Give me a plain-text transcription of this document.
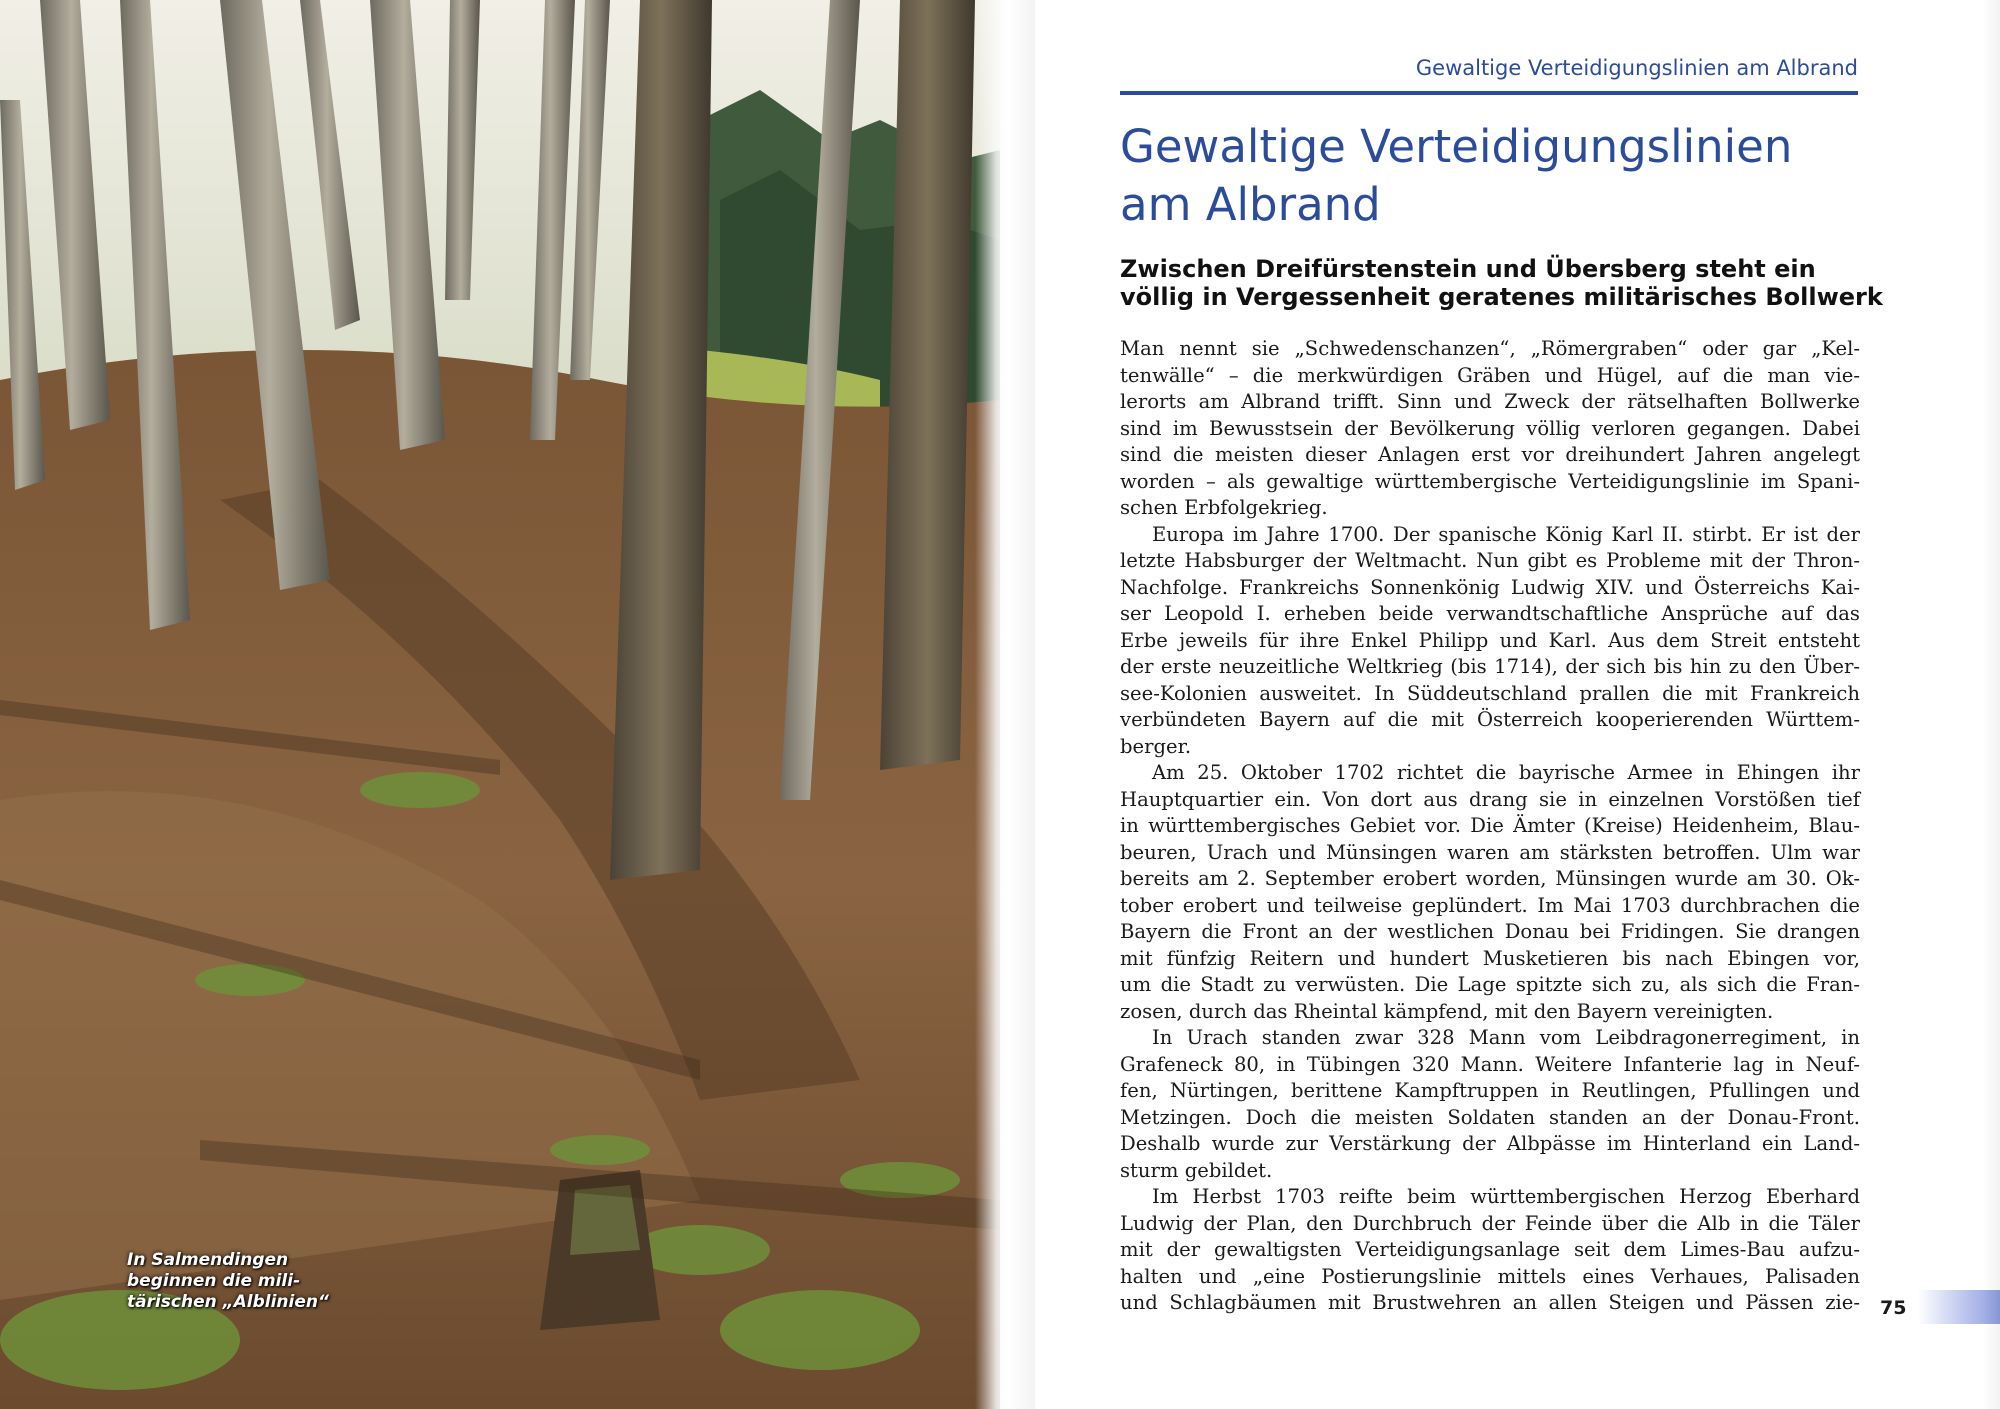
In Salmendingen
beginnen die mili-
tärischen „Alblinien“
Gewaltige Verteidigungslinien am Albrand
Gewaltige Verteidigungslinien
am Albrand
Zwischen Dreifürstenstein und Übersberg steht ein
völlig in Vergessenheit geratenes militärisches Bollwerk
Man nennt sie „Schwedenschanzen“, „Römergraben“ oder gar „Kel-
tenwälle“ – die merkwürdigen Gräben und Hügel, auf die man vie-
lerorts am Albrand trifft. Sinn und Zweck der rätselhaften Bollwerke
sind im Bewusstsein der Bevölkerung völlig verloren gegangen. Dabei
sind die meisten dieser Anlagen erst vor dreihundert Jahren angelegt
worden – als gewaltige württembergische Verteidigungslinie im Spani-
schen Erbfolgekrieg.
Europa im Jahre 1700. Der spanische König Karl II. stirbt. Er ist der
letzte Habsburger der Weltmacht. Nun gibt es Probleme mit der Thron-
Nachfolge. Frankreichs Sonnenkönig Ludwig XIV. und Österreichs Kai-
ser Leopold I. erheben beide verwandtschaftliche Ansprüche auf das
Erbe jeweils für ihre Enkel Philipp und Karl. Aus dem Streit entsteht
der erste neuzeitliche Weltkrieg (bis 1714), der sich bis hin zu den Über-
see-Kolonien ausweitet. In Süddeutschland prallen die mit Frankreich
verbündeten Bayern auf die mit Österreich kooperierenden Württem-
berger.
Am 25. Oktober 1702 richtet die bayrische Armee in Ehingen ihr
Hauptquartier ein. Von dort aus drang sie in einzelnen Vorstößen tief
in württembergisches Gebiet vor. Die Ämter (Kreise) Heidenheim, Blau-
beuren, Urach und Münsingen waren am stärksten betroffen. Ulm war
bereits am 2. September erobert worden, Münsingen wurde am 30. Ok-
tober erobert und teilweise geplündert. Im Mai 1703 durchbrachen die
Bayern die Front an der westlichen Donau bei Fridingen. Sie drangen
mit fünfzig Reitern und hundert Musketieren bis nach Ebingen vor,
um die Stadt zu verwüsten. Die Lage spitzte sich zu, als sich die Fran-
zosen, durch das Rheintal kämpfend, mit den Bayern vereinigten.
In Urach standen zwar 328 Mann vom Leibdragonerregiment, in
Grafeneck 80, in Tübingen 320 Mann. Weitere Infanterie lag in Neuf-
fen, Nürtingen, berittene Kampftruppen in Reutlingen, Pfullingen und
Metzingen. Doch die meisten Soldaten standen an der Donau-Front.
Deshalb wurde zur Verstärkung der Albpässe im Hinterland ein Land-
sturm gebildet.
Im Herbst 1703 reifte beim württembergischen Herzog Eberhard
Ludwig der Plan, den Durchbruch der Feinde über die Alb in die Täler
mit der gewaltigsten Verteidigungsanlage seit dem Limes-Bau aufzu-
halten und „eine Postierungslinie mittels eines Verhaues, Palisaden
und Schlagbäumen mit Brustwehren an allen Steigen und Pässen zie- 75
